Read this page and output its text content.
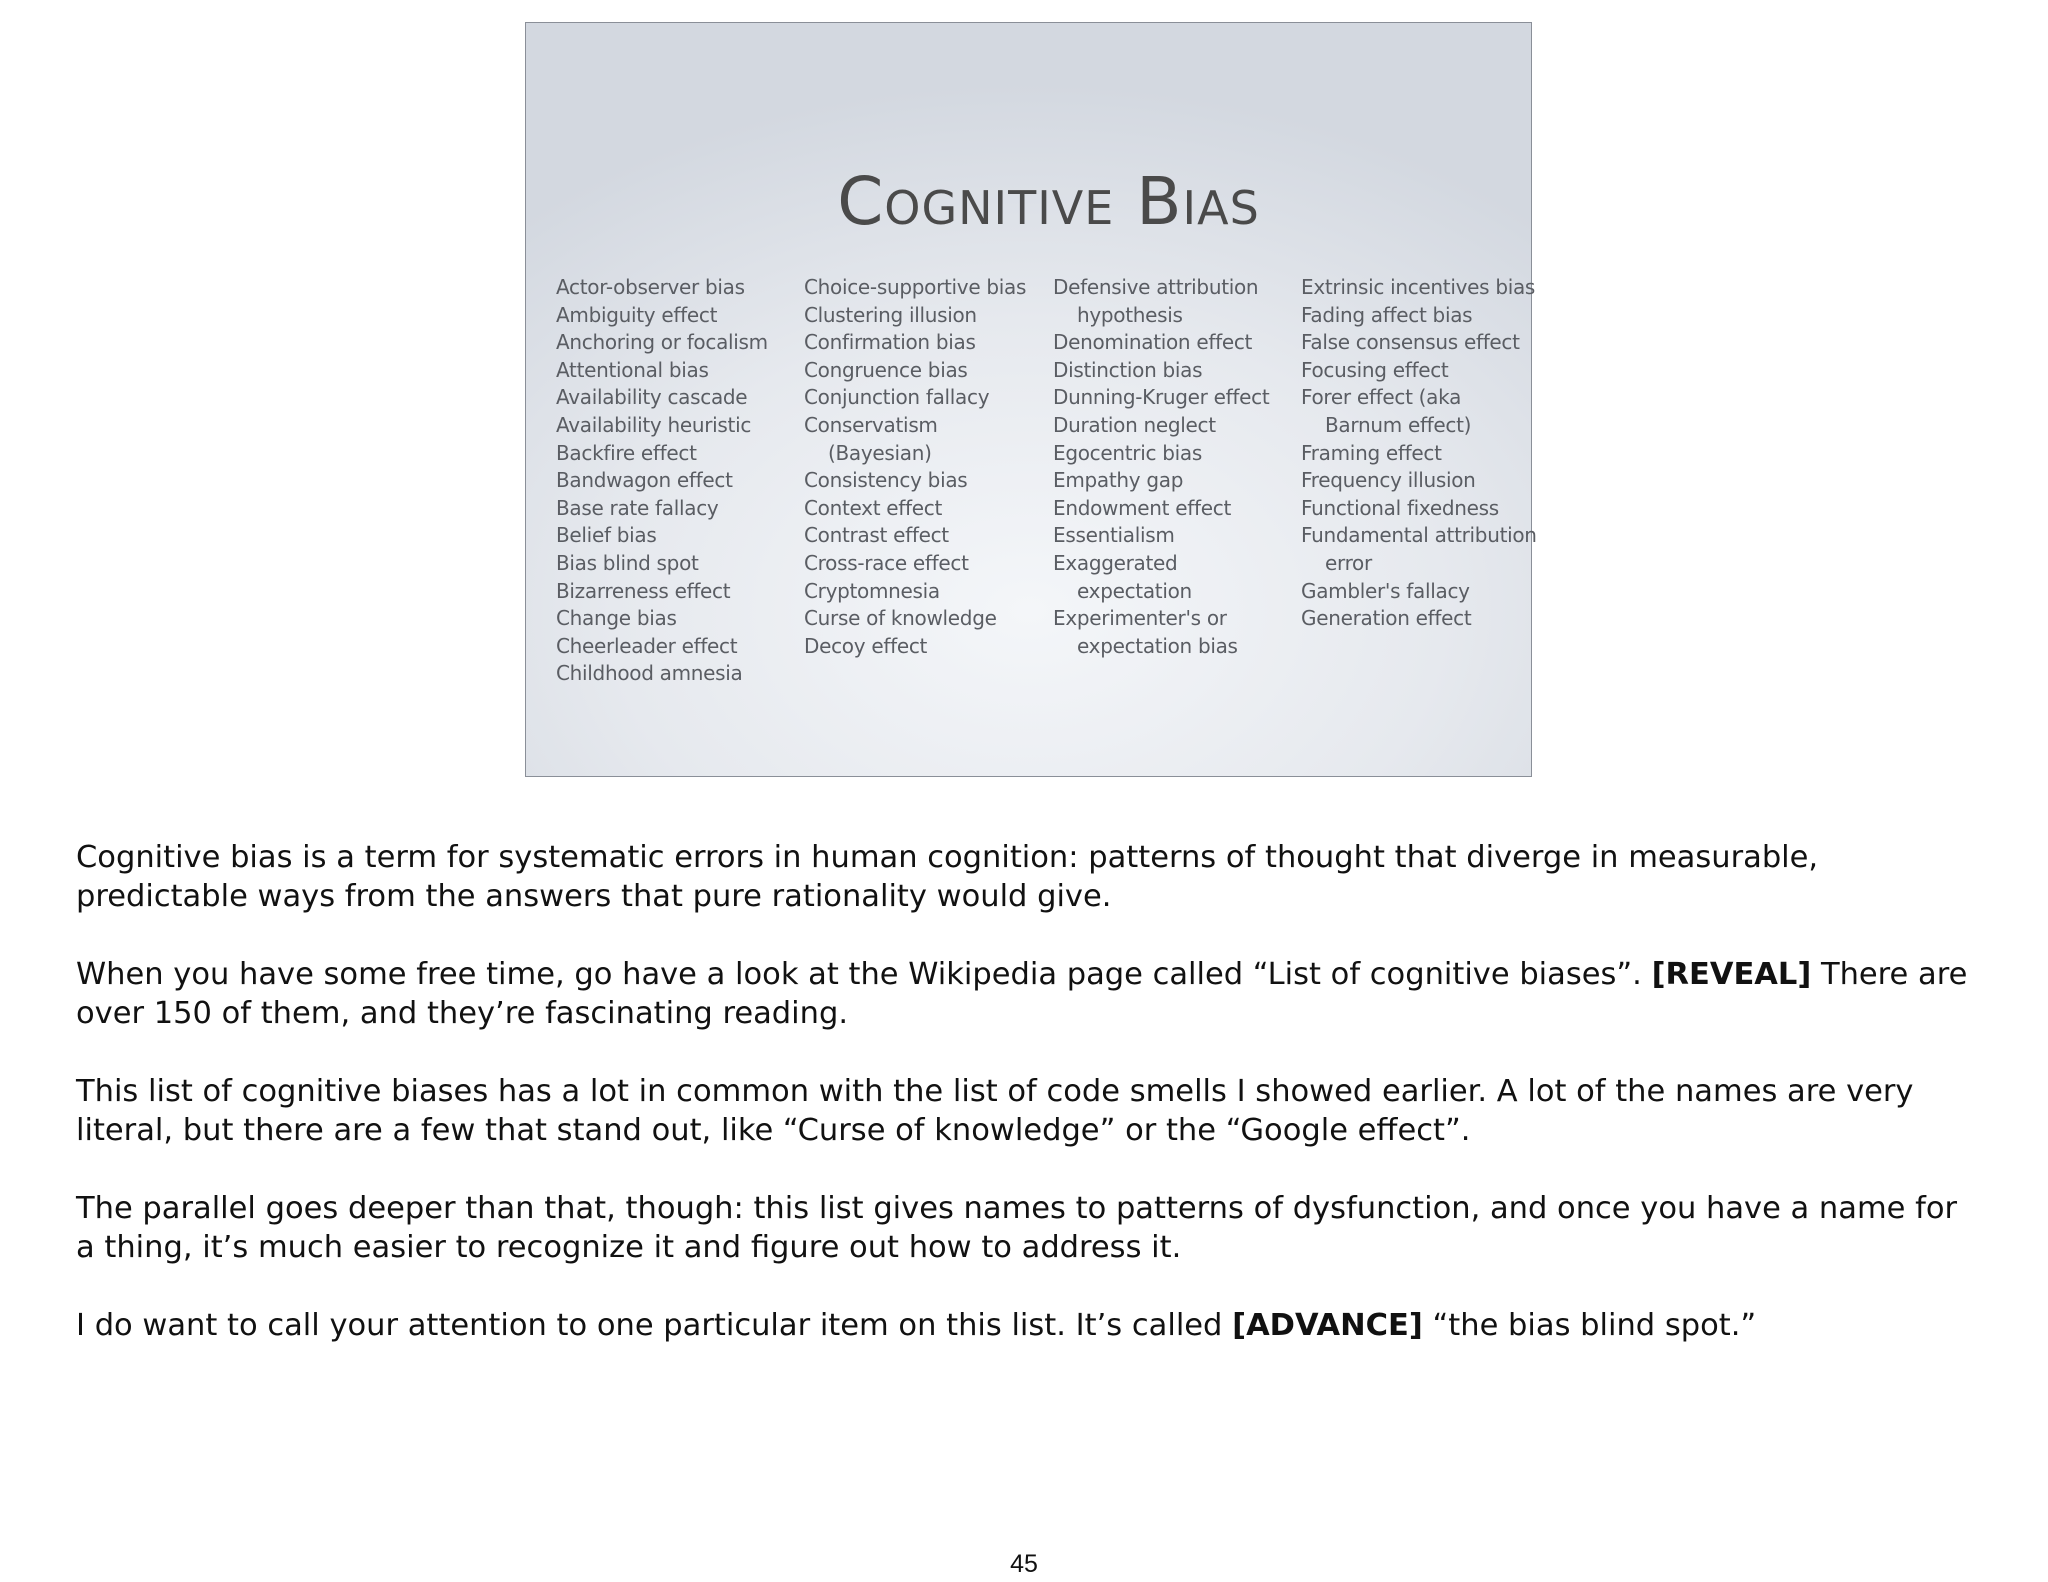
Cognitive Bias
Actor-observer bias
Ambiguity effect
Anchoring or focalism
Attentional bias
Availability cascade
Availability heuristic
Backfire effect
Bandwagon effect
Base rate fallacy
Belief bias
Bias blind spot
Bizarreness effect
Change bias
Cheerleader effect
Childhood amnesia
Choice-supportive bias
Clustering illusion
Confirmation bias
Congruence bias
Conjunction fallacy
Conservatism (Bayesian)
Consistency bias
Context effect
Contrast effect
Cross-race effect
Cryptomnesia
Curse of knowledge
Decoy effect
Defensive attribution hypothesis
Denomination effect
Distinction bias
Dunning-Kruger effect
Duration neglect
Egocentric bias
Empathy gap
Endowment effect
Essentialism
Exaggerated expectation
Experimenter's or expectation bias
Extrinsic incentives bias
Fading affect bias
False consensus effect
Focusing effect
Forer effect (aka Barnum effect)
Framing effect
Frequency illusion
Functional fixedness
Fundamental attribution error
Gambler's fallacy
Generation effect

Cognitive bias is a term for systematic errors in human cognition: patterns of thought that diverge in measurable, predictable ways from the answers that pure rationality would give.

When you have some free time, go have a look at the Wikipedia page called “List of cognitive biases”. [REVEAL] There are over 150 of them, and they’re fascinating reading.

This list of cognitive biases has a lot in common with the list of code smells I showed earlier. A lot of the names are very literal, but there are a few that stand out, like “Curse of knowledge” or the “Google effect”.

The parallel goes deeper than that, though: this list gives names to patterns of dysfunction, and once you have a name for a thing, it’s much easier to recognize it and figure out how to address it.

I do want to call your attention to one particular item on this list. It’s called [ADVANCE] “the bias blind spot.”

45
